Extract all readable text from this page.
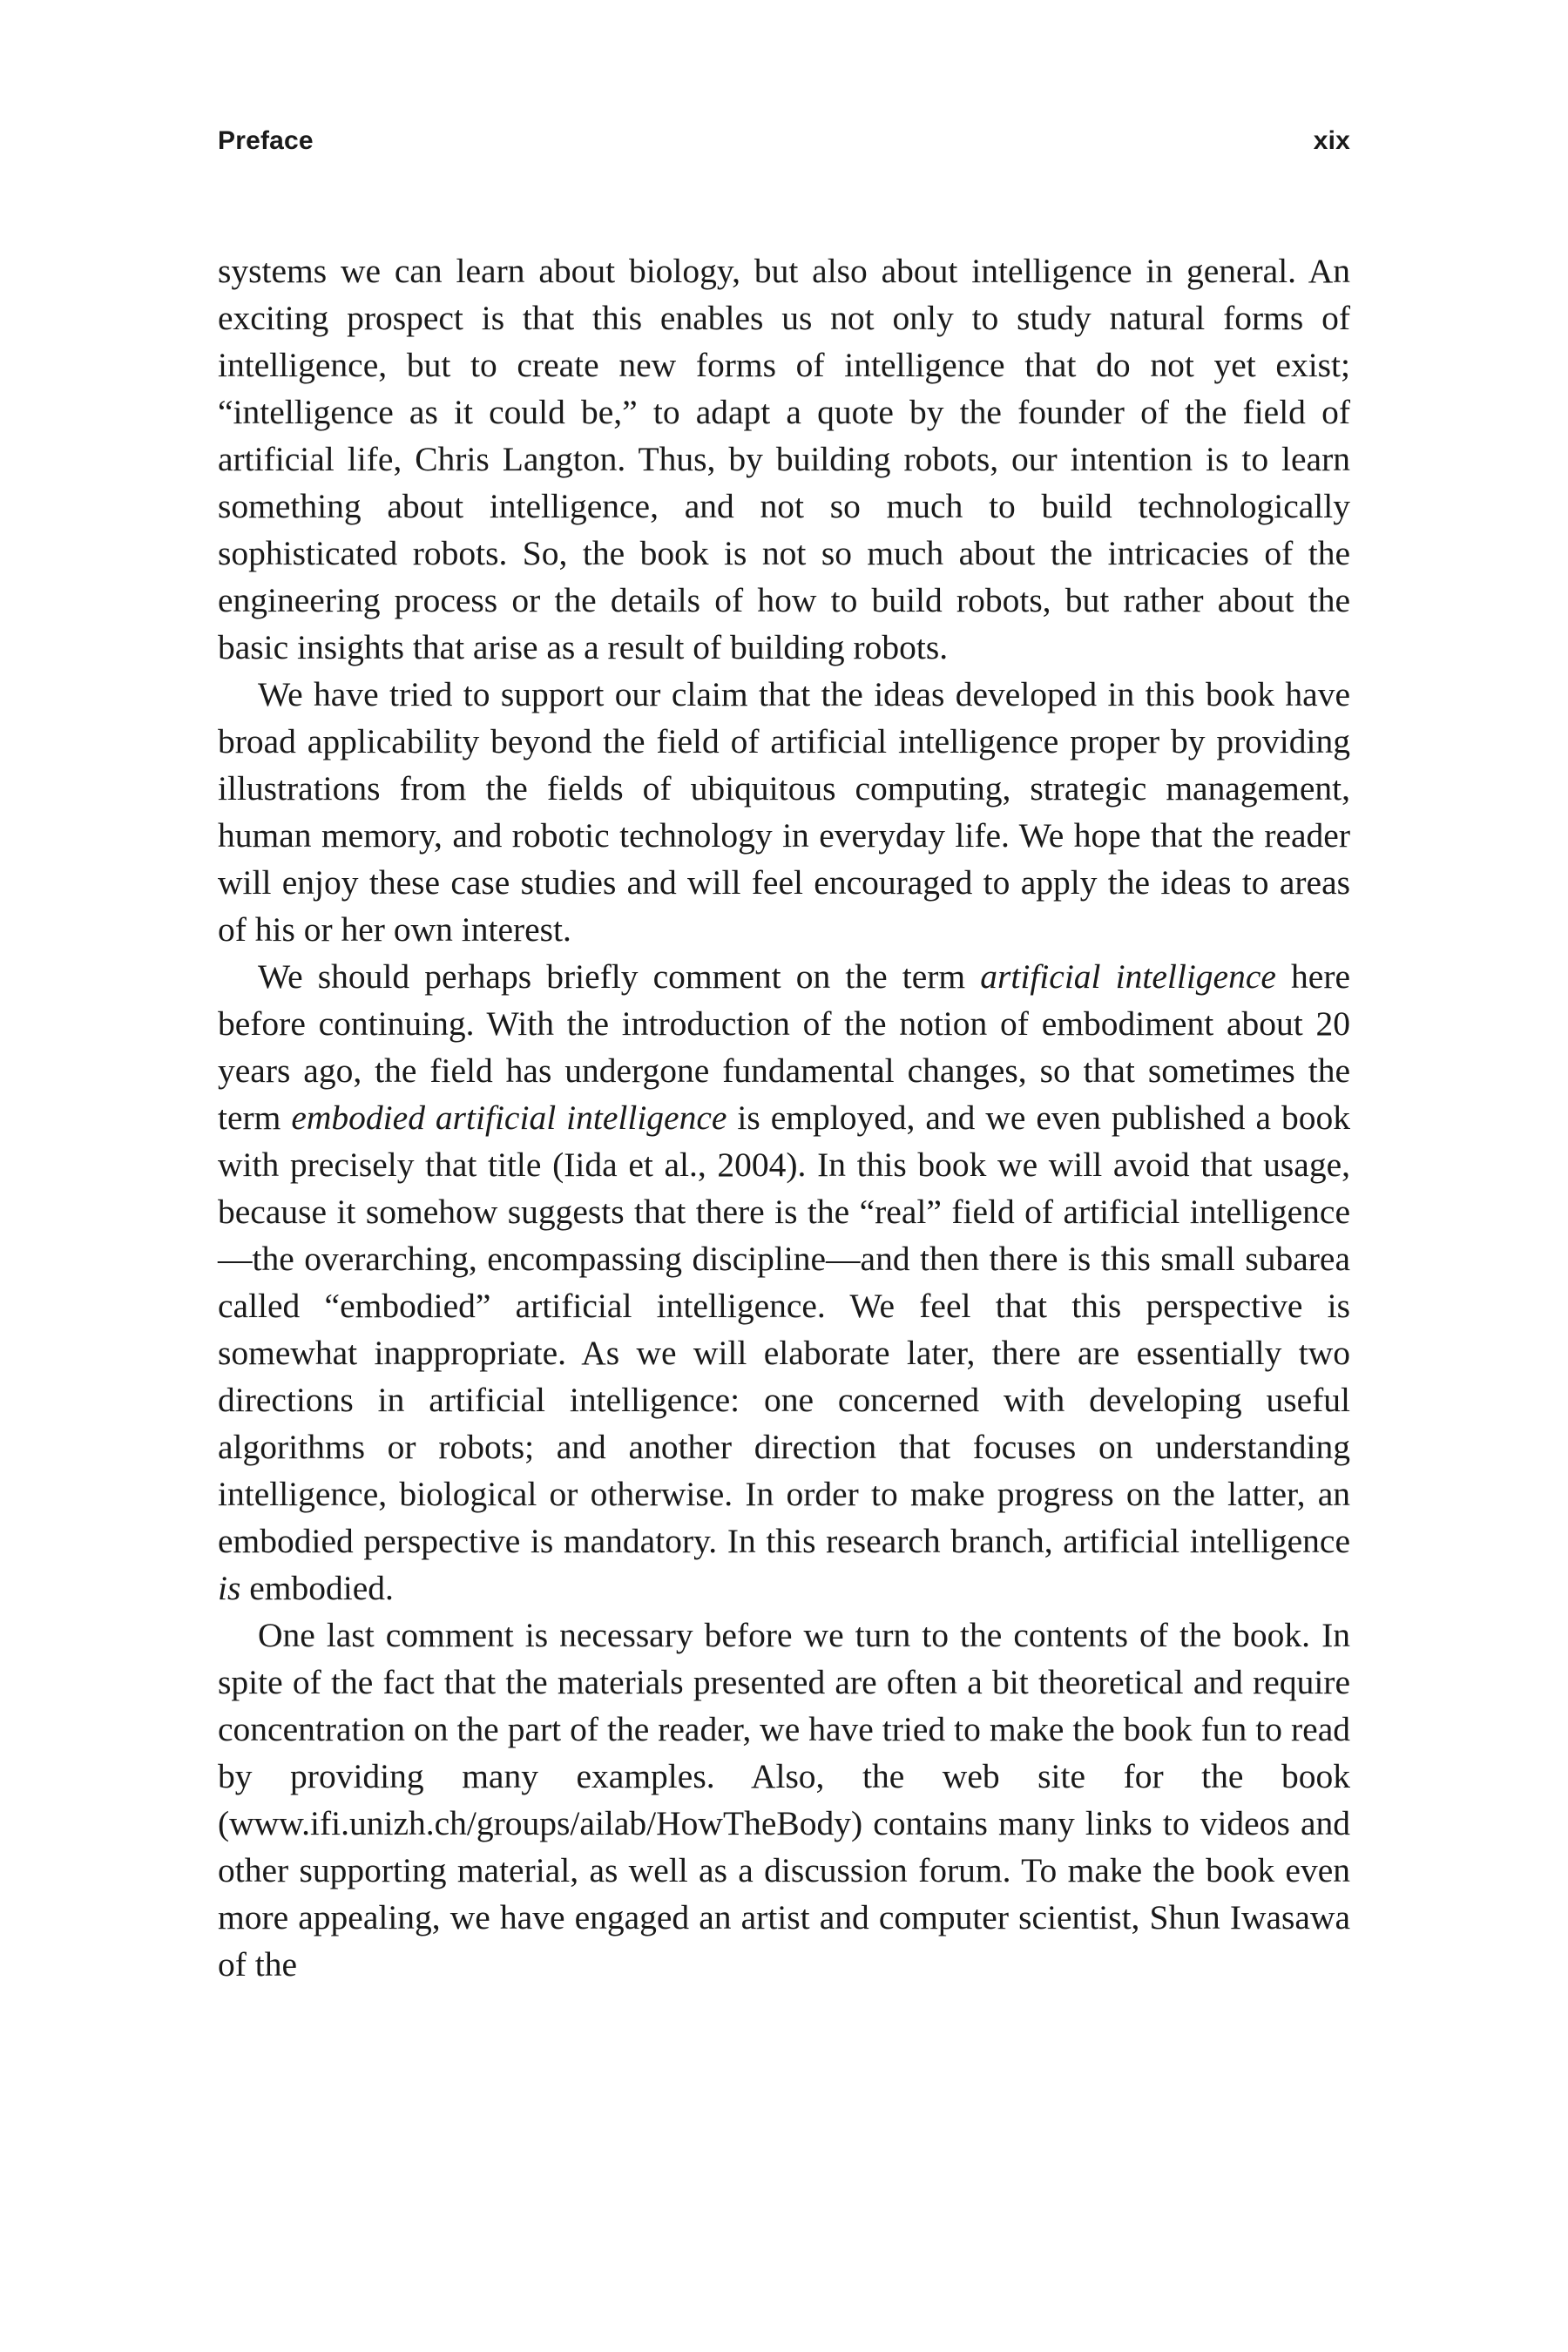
Preface	xix

systems we can learn about biology, but also about intelligence in general. An exciting prospect is that this enables us not only to study natural forms of intelligence, but to create new forms of intelligence that do not yet exist; “intelligence as it could be,” to adapt a quote by the founder of the field of artificial life, Chris Langton. Thus, by building robots, our intention is to learn something about intelligence, and not so much to build technologically sophisticated robots. So, the book is not so much about the intricacies of the engineering process or the details of how to build robots, but rather about the basic insights that arise as a result of building robots.

We have tried to support our claim that the ideas developed in this book have broad applicability beyond the field of artificial intelligence proper by providing illustrations from the fields of ubiquitous computing, strategic management, human memory, and robotic technology in everyday life. We hope that the reader will enjoy these case studies and will feel encouraged to apply the ideas to areas of his or her own interest.

We should perhaps briefly comment on the term artificial intelligence here before continuing. With the introduction of the notion of embodiment about 20 years ago, the field has undergone fundamental changes, so that sometimes the term embodied artificial intelligence is employed, and we even published a book with precisely that title (Iida et al., 2004). In this book we will avoid that usage, because it somehow suggests that there is the “real” field of artificial intelligence—the overarching, encompassing discipline—and then there is this small subarea called “embodied” artificial intelligence. We feel that this perspective is somewhat inappropriate. As we will elaborate later, there are essentially two directions in artificial intelligence: one concerned with developing useful algorithms or robots; and another direction that focuses on understanding intelligence, biological or otherwise. In order to make progress on the latter, an embodied perspective is mandatory. In this research branch, artificial intelligence is embodied.

One last comment is necessary before we turn to the contents of the book. In spite of the fact that the materials presented are often a bit theoretical and require concentration on the part of the reader, we have tried to make the book fun to read by providing many examples. Also, the web site for the book (www.ifi.unizh.ch/groups/ailab/HowTheBody) contains many links to videos and other supporting material, as well as a discussion forum. To make the book even more appealing, we have engaged an artist and computer scientist, Shun Iwasawa of the
